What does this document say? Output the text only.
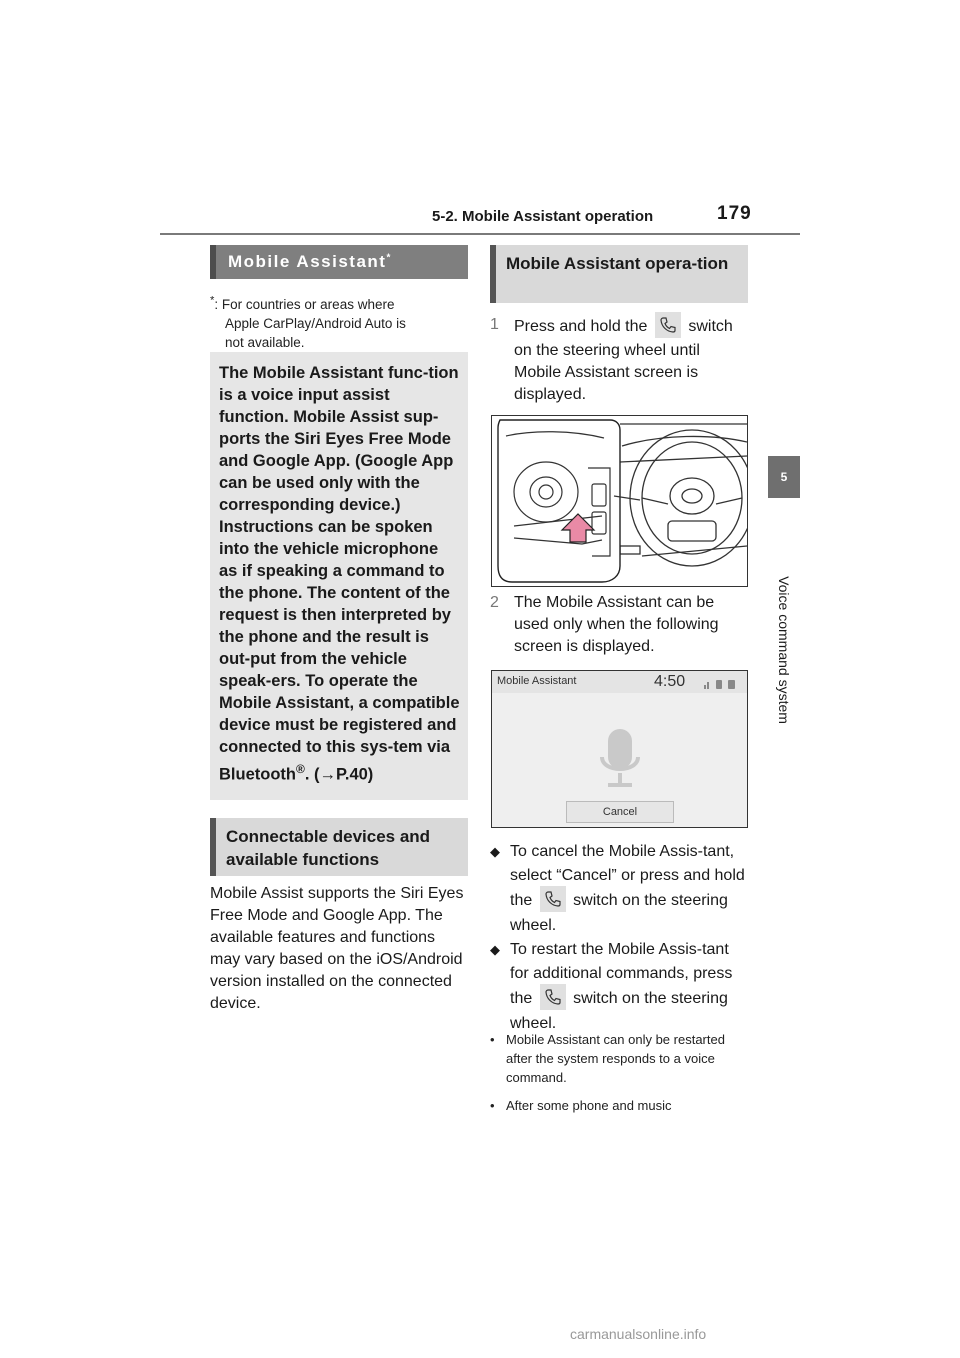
5-2. Mobile Assistant operation	179
5
Voice command system
Mobile Assistant*
*: For countries or areas where
Apple CarPlay/Android Auto is
not available.
The Mobile Assistant func-tion is a voice input assist function. Mobile Assist sup-ports the Siri Eyes Free Mode and Google App. (Google App can be used only with the corresponding device.) Instructions can be spoken into the vehicle microphone as if speaking a command to the phone. The content of the request is then interpreted by the phone and the result is out-put from the vehicle speak-ers. To operate the Mobile Assistant, a compatible device must be registered and connected to this sys-tem via Bluetooth®. (→P.40)
Connectable devices and available functions
Mobile Assist supports the Siri Eyes Free Mode and Google App. The available features and functions may vary based on the iOS/Android version installed on the connected device.
Mobile Assistant opera-tion
1 Press and hold the	switch on the steering wheel until Mobile Assistant screen is displayed.
2 The Mobile Assistant can be used only when the following screen is displayed.
Mobile Assistant	4:50
Cancel
◆ To cancel the Mobile Assis-tant, select “Cancel” or press and hold the	switch on the steering wheel.
◆ To restart the Mobile Assis-tant for additional commands, press the	switch on the steering wheel.
• Mobile Assistant can only be restarted after the system responds to a voice command.
• After some phone and music
carmanualsonline.info
